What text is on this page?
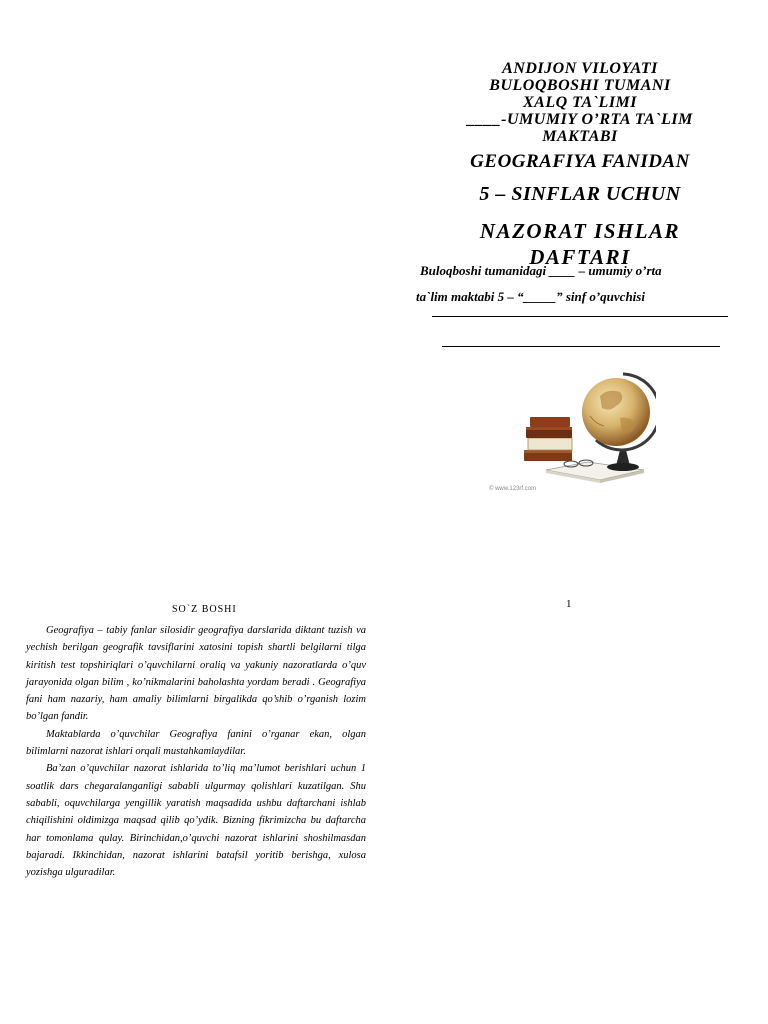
ANDIJON VILOYATI
BULOQBOSHI TUMANI
XALQ TA`LIMI
____-UMUMIY O’RTA TA`LIM
MAKTABI
GEOGRAFIYA FANIDAN
5 – SINFLAR UCHUN
NAZORAT ISHLAR
DAFTARI
Buloqboshi tumanidagi ____ – umumiy o’rta
ta`lim maktabi 5 – “_____” sinf o’quvchisi
© www.123rf.com
1
SO`Z BOSHI

Geografiya – tabiy fanlar silosidir geografiya darslarida diktant tuzish va yechish berilgan geografik tavsiflarini xatosini topish shartli belgilarni tilga kiritish test topshiriqlari o’quvchilarni oraliq va yakuniy nazoratlarda o’quv jarayonida olgan bilim , ko’nikmalarini baholashta yordam beradi . Geografiya fani ham nazariy, ham amaliy bilimlarni birgalikda qo’shib o’rganish lozim bo’lgan fandir.

Maktablarda o’quvchilar Geografiya fanini o’rganar ekan, olgan bilimlarni nazorat ishlari orqali mustahkamlaydilar.

Ba’zan o’quvchilar nazorat ishlarida to’liq ma’lumot berishlari uchun 1 soatlik dars chegaralanganligi sababli ulgurmay qolishlari kuzatilgan. Shu sababli, oquvchilarga yengillik yaratish maqsadida ushbu daftarchani ishlab chiqilishini oldimizga maqsad qilib qo’ydik. Bizning fikrimizcha bu daftarcha har tomonlama qulay. Birinchidan,o’quvchi nazorat ishlarini shoshilmasdan bajaradi. Ikkinchidan, nazorat ishlarini batafsil yoritib berishga, xulosa yozishga ulguradilar.
